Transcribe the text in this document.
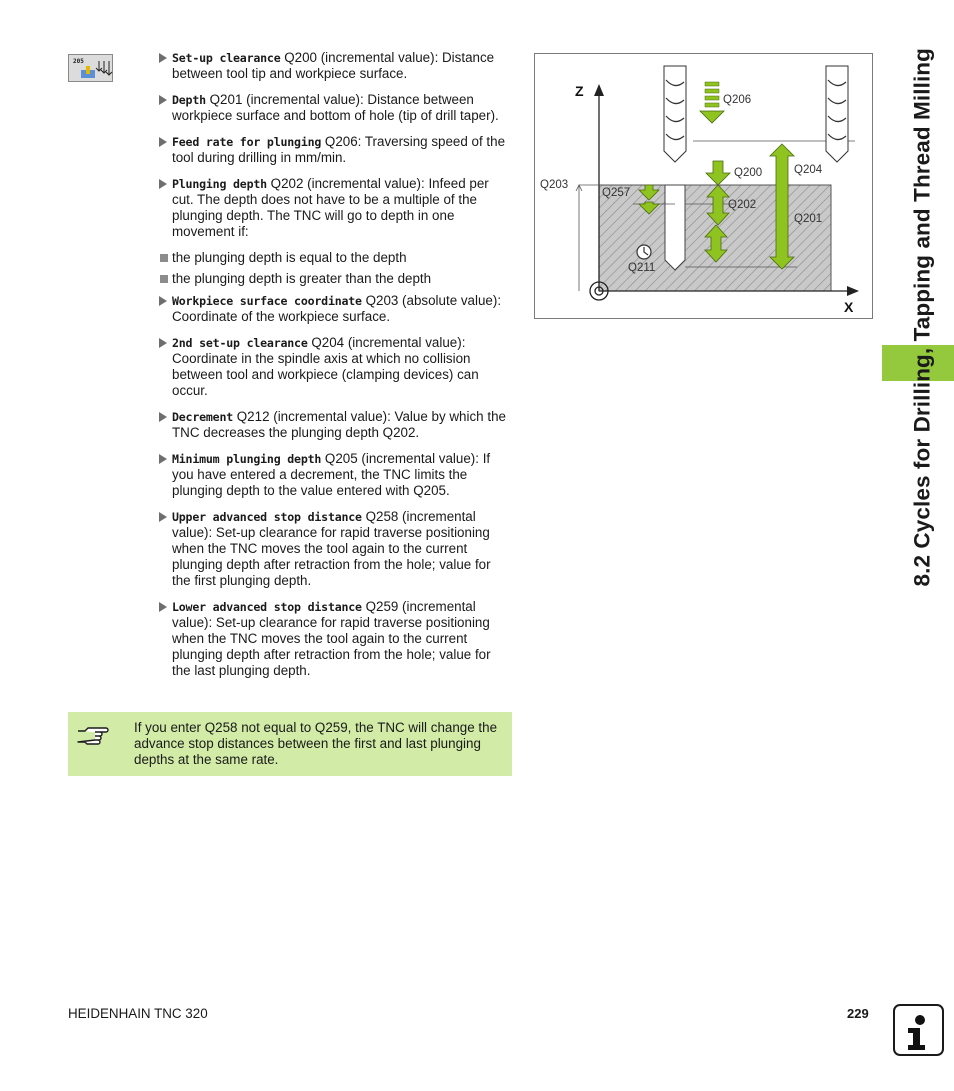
205	Set-up clearance Q200 (incremental value): Distance between tool tip and workpiece surface.
Depth Q201 (incremental value): Distance between workpiece surface and bottom of hole (tip of drill taper).
Feed rate for plunging Q206: Traversing speed of the tool during drilling in mm/min.
Plunging depth Q202 (incremental value): Infeed per cut. The depth does not have to be a multiple of the plunging depth. The TNC will go to depth in one movement if:
the plunging depth is equal to the depth
the plunging depth is greater than the depth
Workpiece surface coordinate Q203 (absolute value): Coordinate of the workpiece surface.
2nd set-up clearance Q204 (incremental value): Coordinate in the spindle axis at which no collision between tool and workpiece (clamping devices) can occur.
Decrement Q212 (incremental value): Value by which the TNC decreases the plunging depth Q202.
Minimum plunging depth Q205 (incremental value): If you have entered a decrement, the TNC limits the plunging depth to the value entered with Q205.
Upper advanced stop distance Q258 (incremental value): Set-up clearance for rapid traverse positioning when the TNC moves the tool again to the current plunging depth after retraction from the hole; value for the first plunging depth.
Lower advanced stop distance Q259 (incremental value): Set-up clearance for rapid traverse positioning when the TNC moves the tool again to the current plunging depth after retraction from the hole; value for the last plunging depth.
If you enter Q258 not equal to Q259, the TNC will change the advance stop distances between the first and last plunging depths at the same rate.
Z
X
Q206
Q200	Q204
Q203
Q257
Q202
Q201
Q211	8.2 Cycles for Drilling, Tapping and Thread Milling
HEIDENHAIN TNC 320	229
